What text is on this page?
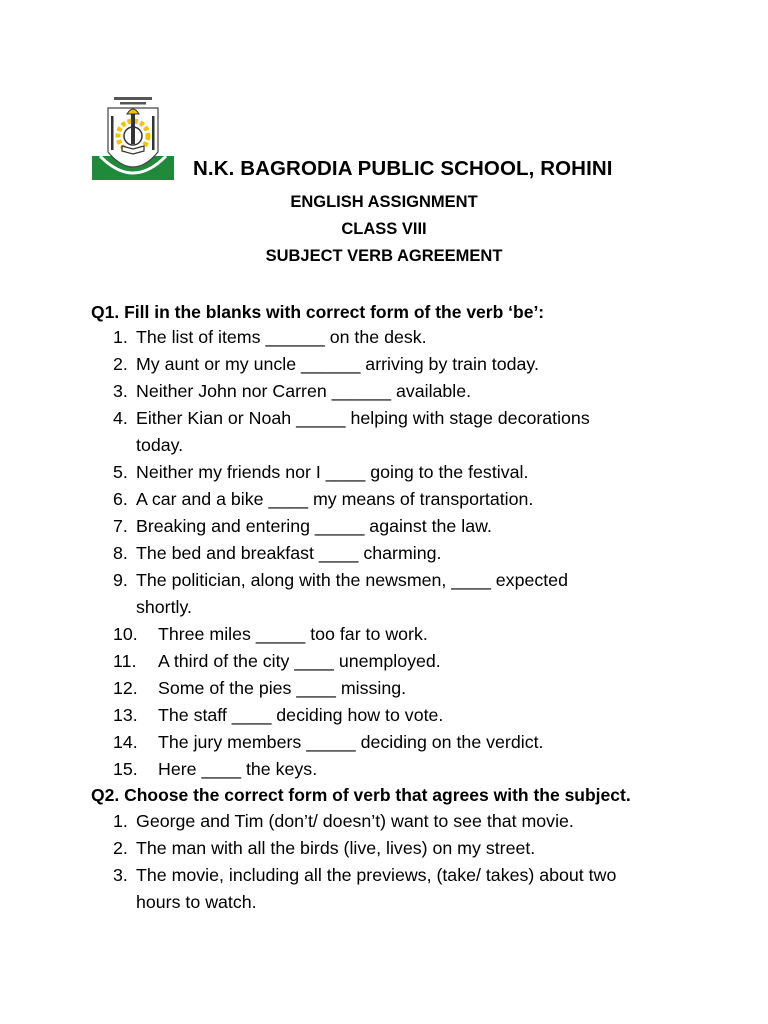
N.K. BAGRODIA PUBLIC SCHOOL, ROHINI
ENGLISH ASSIGNMENT
CLASS VIII
SUBJECT VERB AGREEMENT
Q1. Fill in the blanks with correct form of the verb ‘be’:
1. The list of items ______ on the desk.
2. My aunt or my uncle ______ arriving by train today.
3. Neither John nor Carren ______ available.
4. Either Kian or Noah _____ helping with stage decorations
today.
5. Neither my friends nor I ____ going to the festival.
6. A car and a bike ____ my means of transportation.
7. Breaking and entering _____ against the law.
8. The bed and breakfast ____ charming.
9. The politician, along with the newsmen, ____ expected
shortly.
10. Three miles _____ too far to work.
11. A third of the city ____ unemployed.
12. Some of the pies ____ missing.
13. The staff ____ deciding how to vote.
14. The jury members _____ deciding on the verdict.
15. Here ____ the keys.
Q2. Choose the correct form of verb that agrees with the subject.
1. George and Tim (don’t/ doesn’t) want to see that movie.
2. The man with all the birds (live, lives) on my street.
3. The movie, including all the previews, (take/ takes) about two
hours to watch.
